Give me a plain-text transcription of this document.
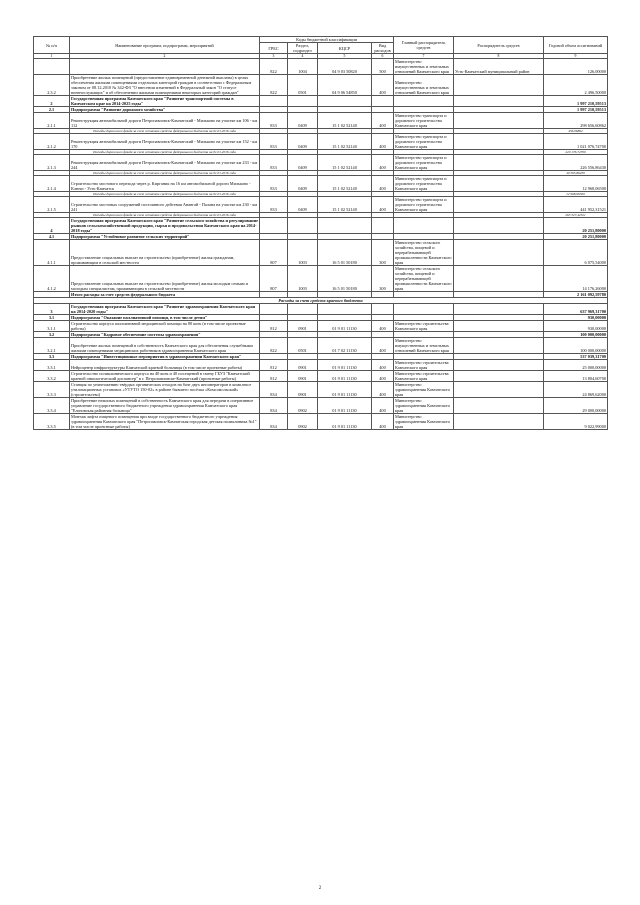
№ п/п	Наименование программ, подпрограмм, мероприятий	Коды бюджетной классификации				Главный распорядитель средств	Распорядитель средств	Годовой объем ассигнований
		ГРБС	Раздел, подраздел	КЦСР	Вид расходов			
1	2	3	4	5	6	7	8	9
		822	1004	04 9 03 50820	500	Министерство имущественных и земельных отношений Камчатского края	Усть-Камчатский муниципальный район	126,00000
2.3.2	Приобретение жилых помещений (предоставление единовременной денежной выплаты) в целях обеспечения жилыми помещениями отдельных категорий граждан в соответствии с Федеральным законом от 08.12.2010 № 342-ФЗ "О внесении изменений в Федеральный закон "О статусе военнослужащих" и об обеспечении жилыми помещениями некоторых категорий граждан"	822	0501	04 9 06 54850	400	Министерство имущественных и земельных отношений Камчатского края		2 496,50000
2	Государственная программа Камчатского края "Развитие транспортной системы в Камчатском крае на 2014-2025 годы"							1 997 210,59513
2.1	Подпрограмма "Развитие дорожного хозяйства"							1 997 210,59513
2.1.1	Реконструкция автомобильной дороги Петропавловск-Камчатский - Мильково на участке км 106 - км 112	833	0409	15 1 02 52140	400	Министерство транспорта и дорожного строительства Камчатского края		298 656,60862
	Расходы дорожного фонда за счет остатков средств федерального бюджета на 01.01.2016 года							456,06862
2.1.2	Реконструкция автомобильной дороги Петропавловск-Камчатский - Мильково на участке км 152 - км 170	833	0409	15 1 02 52140	400	Министерство транспорта и дорожного строительства Камчатского края		1 021 076,74700
	Расходы дорожного фонда за счет остатков средств федерального бюджета на 01.01.2016 года							229 176,74700
2.1.3	Реконструкция автомобильной дороги Петропавловск-Камчатский - Мильково на участке км 233 - км 244	833	0409	15 1 02 52140	400	Министерство транспорта и дорожного строительства Камчатского края		226 556,86430
	Расходы дорожного фонда за счет остатков средств федерального бюджета на 01.01.2016 года							40 565,86430
2.1.4	Строительство мостового перехода через р. Кирганик на 16 км автомобильной дороги Мильково - Ключи - Усть-Камчатск	833	0409	15 1 02 52140	400	Министерство транспорта и дорожного строительства Камчатского края		12 968,06500
	Расходы дорожного фонда за счет остатков средств федерального бюджета на 01.01.2016 года							12 968,06500
2.1.5	Строительство мостовых сооружений постоянного действия Анавгай - Палана на участке км 230 - км 241	833	0409	15 1 02 52140	400	Министерство транспорта и дорожного строительства Камчатского края		441 952,31521
	Расходы дорожного фонда за счет остатков средств федерального бюджета на 01.01.2016 года							263 327,42521
4	Государственная программа Камчатского края "Развитие сельского хозяйства и регулирование рынков сельскохозяйственной продукции, сырья и продовольствия Камчатского края на 2014-2018 годы"							20 251,80000
4.1	Подпрограмма "Устойчивое развитие сельских территорий"							20 251,80000
4.1.1	Предоставление социальных выплат на строительство (приобретение) жилья гражданам, проживающим в сельской местности	807	1003	16 5 01 50180	300	Министерство сельского хозяйства, пищевой и перерабатывающей промышленности Камчатского края		6 075,54000
4.1.2	Предоставление социальных выплат на строительство (приобретение) жилья молодым семьям и молодым специалистам, проживающим в сельской местности	807	1003	16 5 01 50180	300	Министерство сельского хозяйства, пищевой и перерабатывающей промышленности Камчатского края		14 176,26000
	Итого расходы за счет средств федерального бюджета							2 161 092,59780
Расходы за счет средств краевого бюджета								
3	Государственная программа Камчатского края "Развитие здравоохранения Камчатского края на 2014-2020 годы"							637 969,31700
3.1	Подпрограмма "Оказание паллиативной помощи, в том числе детям"							930,00000
3.1.1	Строительство корпуса паллиативной медицинской помощи на 80 коек (в том числе проектные работы)	812	0901	01 9 01 11130	400	Министерство строительства Камчатского края		930,00000
3.2	Подпрограмма "Кадровое обеспечение системы здравоохранения"							100 000,00000
3.2.1	Приобретение жилых помещений в собственность Камчатского края для обеспечения служебными жилыми помещениями медицинских работников здравоохранения Камчатского края	822	0501	01 7 02 11130	400	Министерство имущественных и земельных отношений Камчатского края		100 000,00000
3.3	Подпрограмма "Инвестиционные мероприятия в здравоохранении Камчатского края"							537 039,31700
3.3.1	Нейроцентр инфраструктуры Камчатской краевой больницы (в том числе проектные работы)	812	0901	01 9 01 11130	400	Министерство строительства Камчатского края		25 000,00000
3.3.2	Строительство поликлинического корпуса на 40 коек и 40 посещений в смену ГБУЗ "Камчатский краевой онкологический диспансер" в г. Петропавловске-Камчатский (проектные работы)	812	0901	01 9 01 11130	400	Министерство строительства Камчатского края		13 804,60700
3.3.3	Станция по уничтожению твёрдых органических отходов на базе двух инсинераторов в комплексе утилизационных установок «УТУТО 150-02» в районе бывшего посёлка «Комсомольский» (строительство)	834	0901	01 9 01 11130	400	Министерство здравоохранения Камчатского края		24 869,62000
3.3.4	Приобретение нежилых помещений в собственность Камчатского края для передачи в оперативное управление государственного бюджетного учреждения здравоохранения Камчатского края "Елизовская районная больница"	834	0902	01 9 01 11130	400	Министерство здравоохранения Камчатского края		29 000,00000
3.3.5	Монтаж лифта пищевого помещения при входе государственного бюджетного учреждения здравоохранения Камчатского края "Петропавловск-Камчатская городская детская поликлиника №1" (в том числе проектные работы)	834	0902	01 9 01 11130	400	Министерство здравоохранения Камчатского края		9 022,99000
2
